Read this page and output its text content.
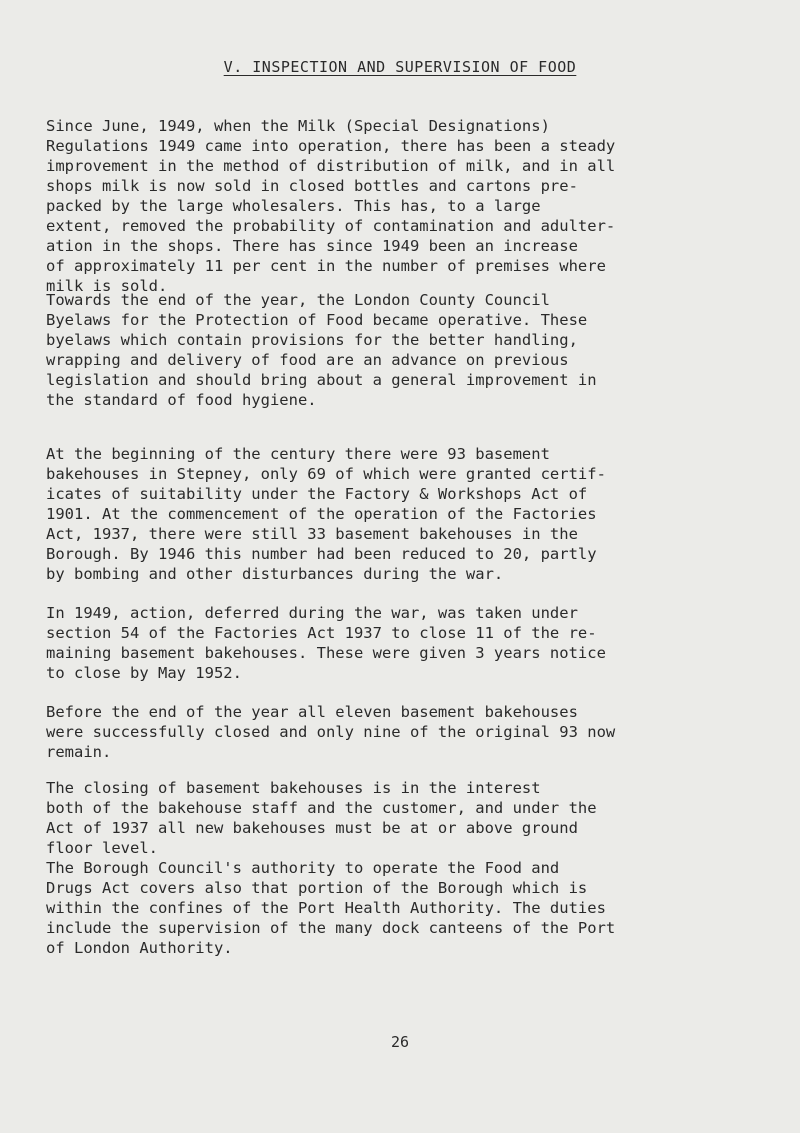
V. INSPECTION AND SUPERVISION OF FOOD

Since June, 1949, when the Milk (Special Designations)
Regulations 1949 came into operation, there has been a steady
improvement in the method of distribution of milk, and in all
shops milk is now sold in closed bottles and cartons pre-
packed by the large wholesalers. This has, to a large
extent, removed the probability of contamination and adulter-
ation in the shops. There has since 1949 been an increase
of approximately 11 per cent in the number of premises where
milk is sold.

Towards the end of the year, the London County Council
Byelaws for the Protection of Food became operative. These
byelaws which contain provisions for the better handling,
wrapping and delivery of food are an advance on previous
legislation and should bring about a general improvement in
the standard of food hygiene.

At the beginning of the century there were 93 basement
bakehouses in Stepney, only 69 of which were granted certif-
icates of suitability under the Factory & Workshops Act of
1901. At the commencement of the operation of the Factories
Act, 1937, there were still 33 basement bakehouses in the
Borough. By 1946 this number had been reduced to 20, partly
by bombing and other disturbances during the war.

In 1949, action, deferred during the war, was taken under
section 54 of the Factories Act 1937 to close 11 of the re-
maining basement bakehouses. These were given 3 years notice
to close by May 1952.

Before the end of the year all eleven basement bakehouses
were successfully closed and only nine of the original 93 now
remain.

The closing of basement bakehouses is in the interest
both of the bakehouse staff and the customer, and under the
Act of 1937 all new bakehouses must be at or above ground
floor level.

The Borough Council's authority to operate the Food and
Drugs Act covers also that portion of the Borough which is
within the confines of the Port Health Authority. The duties
include the supervision of the many dock canteens of the Port
of London Authority.

26
